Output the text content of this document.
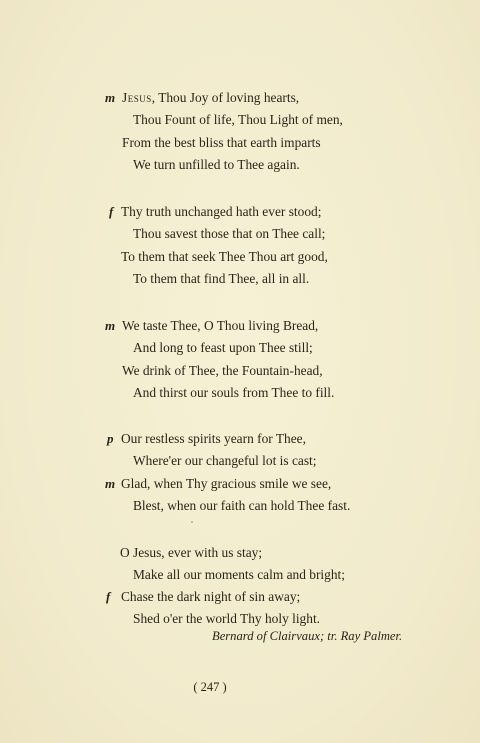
m Jesus, Thou Joy of loving hearts,
Thou Fount of life, Thou Light of men,
From the best bliss that earth imparts
We turn unfilled to Thee again.
f Thy truth unchanged hath ever stood;
Thou savest those that on Thee call;
To them that seek Thee Thou art good,
To them that find Thee, all in all.
m We taste Thee, O Thou living Bread,
And long to feast upon Thee still;
We drink of Thee, the Fountain-head,
And thirst our souls from Thee to fill.
p Our restless spirits yearn for Thee,
Where'er our changeful lot is cast;
m Glad, when Thy gracious smile we see,
Blest, when our faith can hold Thee fast.
O Jesus, ever with us stay;
Make all our moments calm and bright;
f Chase the dark night of sin away;
Shed o'er the world Thy holy light.
Bernard of Clairvaux; tr. Ray Palmer.
( 247 )
